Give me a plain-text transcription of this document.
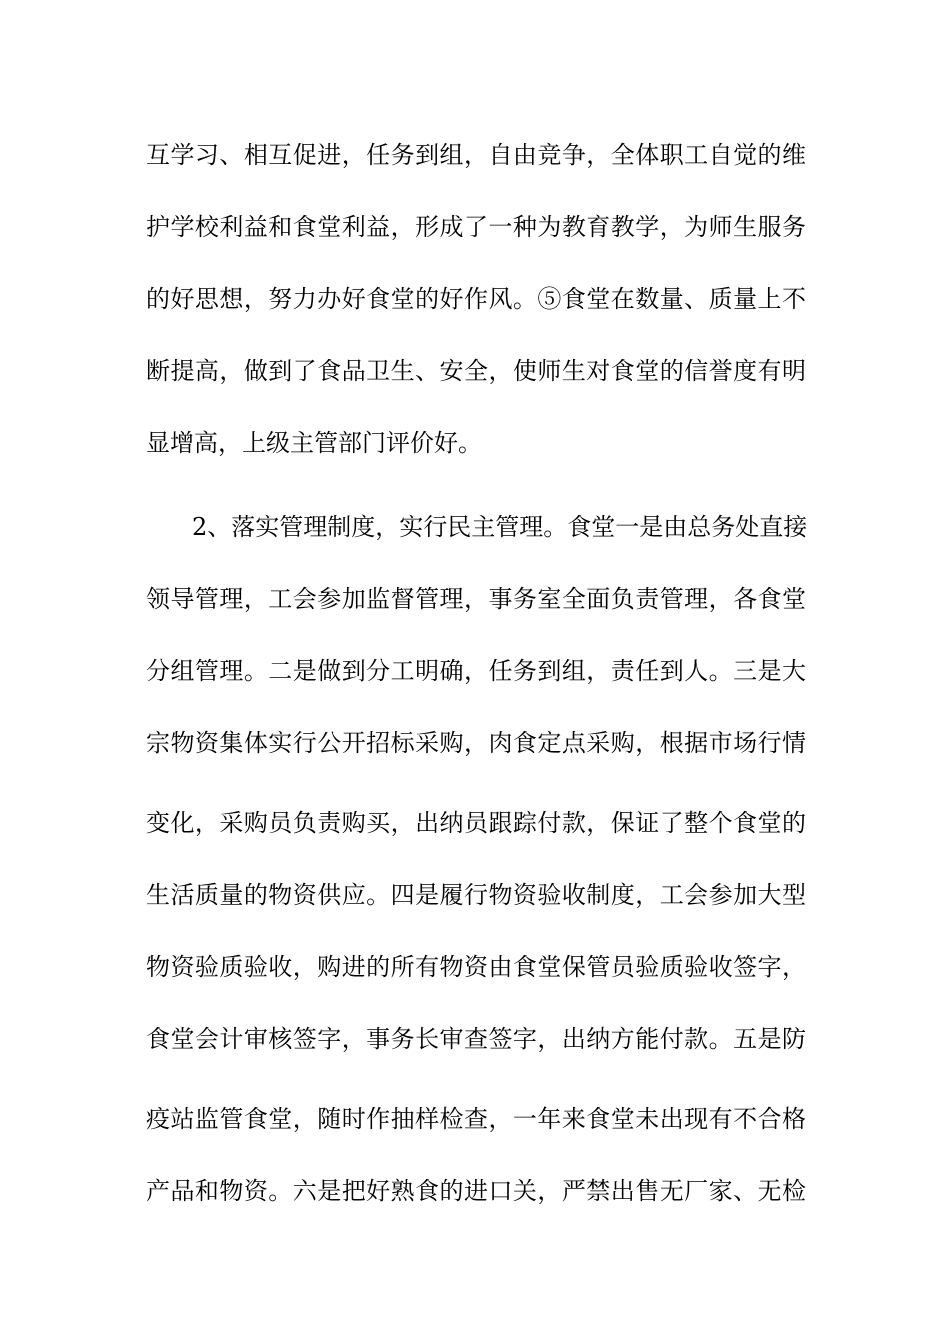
互学习、相互促进，任务到组，自由竞争，全体职工自觉的维
护学校利益和食堂利益，形成了一种为教育教学，为师生服务
的好思想，努力办好食堂的好作风。⑤食堂在数量、质量上不
断提高，做到了食品卫生、安全，使师生对食堂的信誉度有明
显增高，上级主管部门评价好。
2、落实管理制度，实行民主管理。食堂一是由总务处直接
领导管理，工会参加监督管理，事务室全面负责管理，各食堂
分组管理。二是做到分工明确，任务到组，责任到人。三是大
宗物资集体实行公开招标采购，肉食定点采购，根据市场行情
变化，采购员负责购买，出纳员跟踪付款，保证了整个食堂的
生活质量的物资供应。四是履行物资验收制度，工会参加大型
物资验质验收，购进的所有物资由食堂保管员验质验收签字，
食堂会计审核签字，事务长审查签字，出纳方能付款。五是防
疫站监管食堂，随时作抽样检查，一年来食堂未出现有不合格
产品和物资。六是把好熟食的进口关，严禁出售无厂家、无检
